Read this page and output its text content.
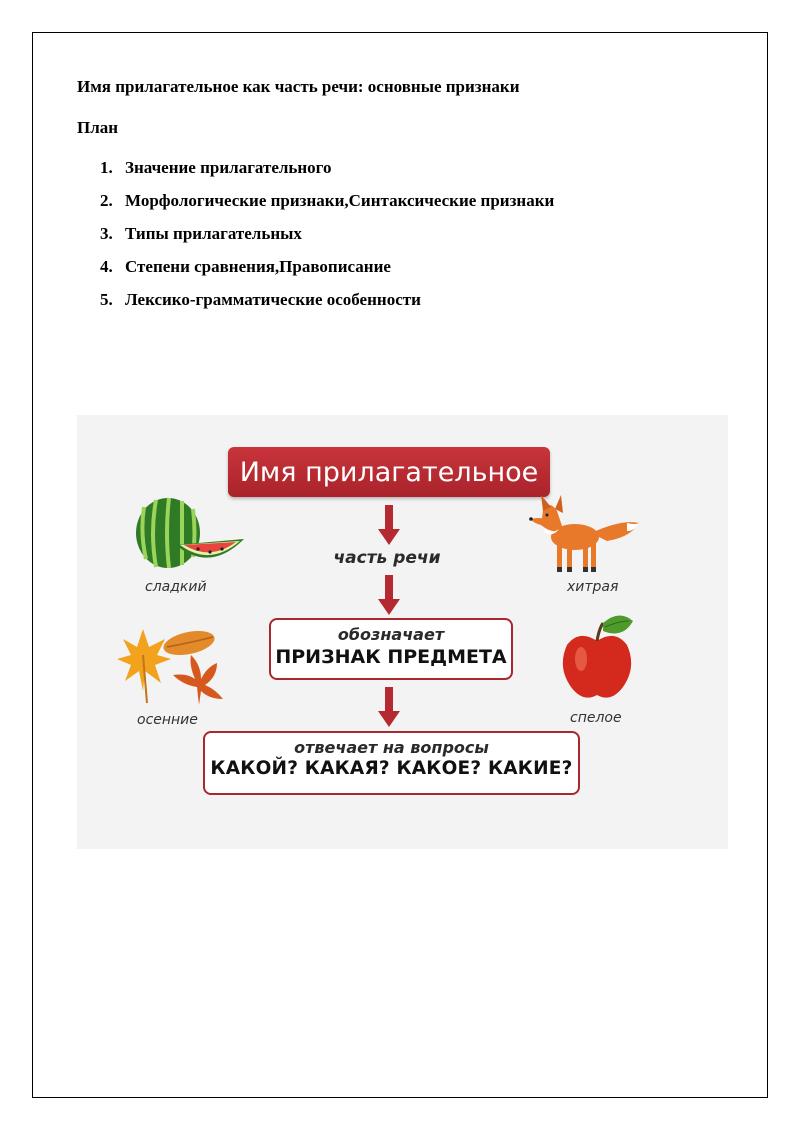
Имя прилагательное как часть речи: основные признаки

План

1. Значение прилагательного
2. Морфологические признаки,Синтаксические признаки
3. Типы прилагательных
4. Степени сравнения,Правописание
5. Лексико-грамматические особенности
Имя прилагательное
часть речи
обозначает
ПРИЗНАК ПРЕДМЕТА
отвечает на вопросы
КАКОЙ? КАКАЯ? КАКОЕ? КАКИЕ?
сладкий	хитрая
осенние	спелое
